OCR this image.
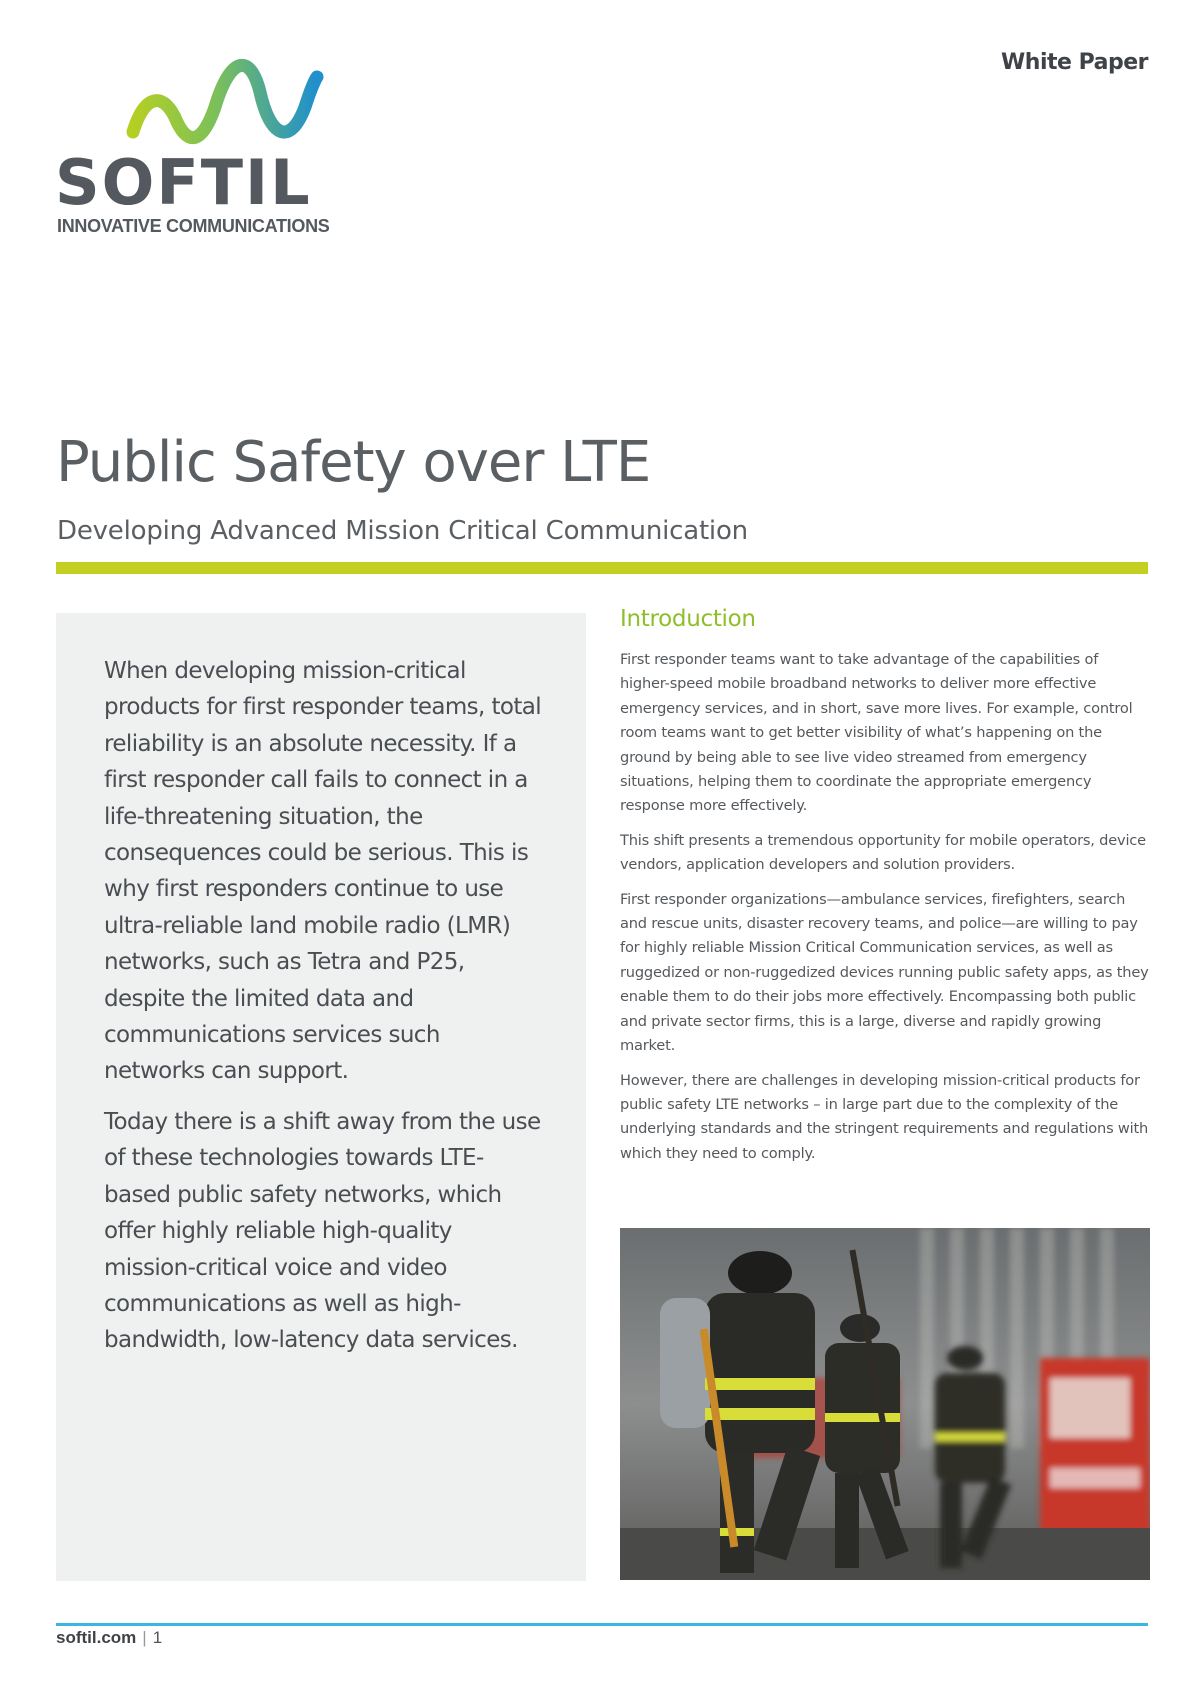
SOFTIL
INNOVATIVE COMMUNICATIONS
White Paper
Public Safety over LTE
Developing Advanced Mission Critical Communication

When developing mission-critical products for first responder teams, total reliability is an absolute necessity. If a first responder call fails to connect in a life-threatening situation, the consequences could be serious. This is why first responders continue to use ultra-reliable land mobile radio (LMR) networks, such as Tetra and P25, despite the limited data and communications services such networks can support.

Today there is a shift away from the use of these technologies towards LTE-based public safety networks, which offer highly reliable high-quality mission-critical voice and video communications as well as high-bandwidth, low-latency data services.

Introduction

First responder teams want to take advantage of the capabilities of higher-speed mobile broadband networks to deliver more effective emergency services, and in short, save more lives. For example, control room teams want to get better visibility of what’s happening on the ground by being able to see live video streamed from emergency situations, helping them to coordinate the appropriate emergency response more effectively.

This shift presents a tremendous opportunity for mobile operators, device vendors, application developers and solution providers.

First responder organizations—ambulance services, firefighters, search and rescue units, disaster recovery teams, and police—are willing to pay for highly reliable Mission Critical Communication services, as well as ruggedized or non-ruggedized devices running public safety apps, as they enable them to do their jobs more effectively. Encompassing both public and private sector firms, this is a large, diverse and rapidly growing market.

However, there are challenges in developing mission-critical products for public safety LTE networks – in large part due to the complexity of the underlying standards and the stringent requirements and regulations with which they need to comply.

softil.com | 1
